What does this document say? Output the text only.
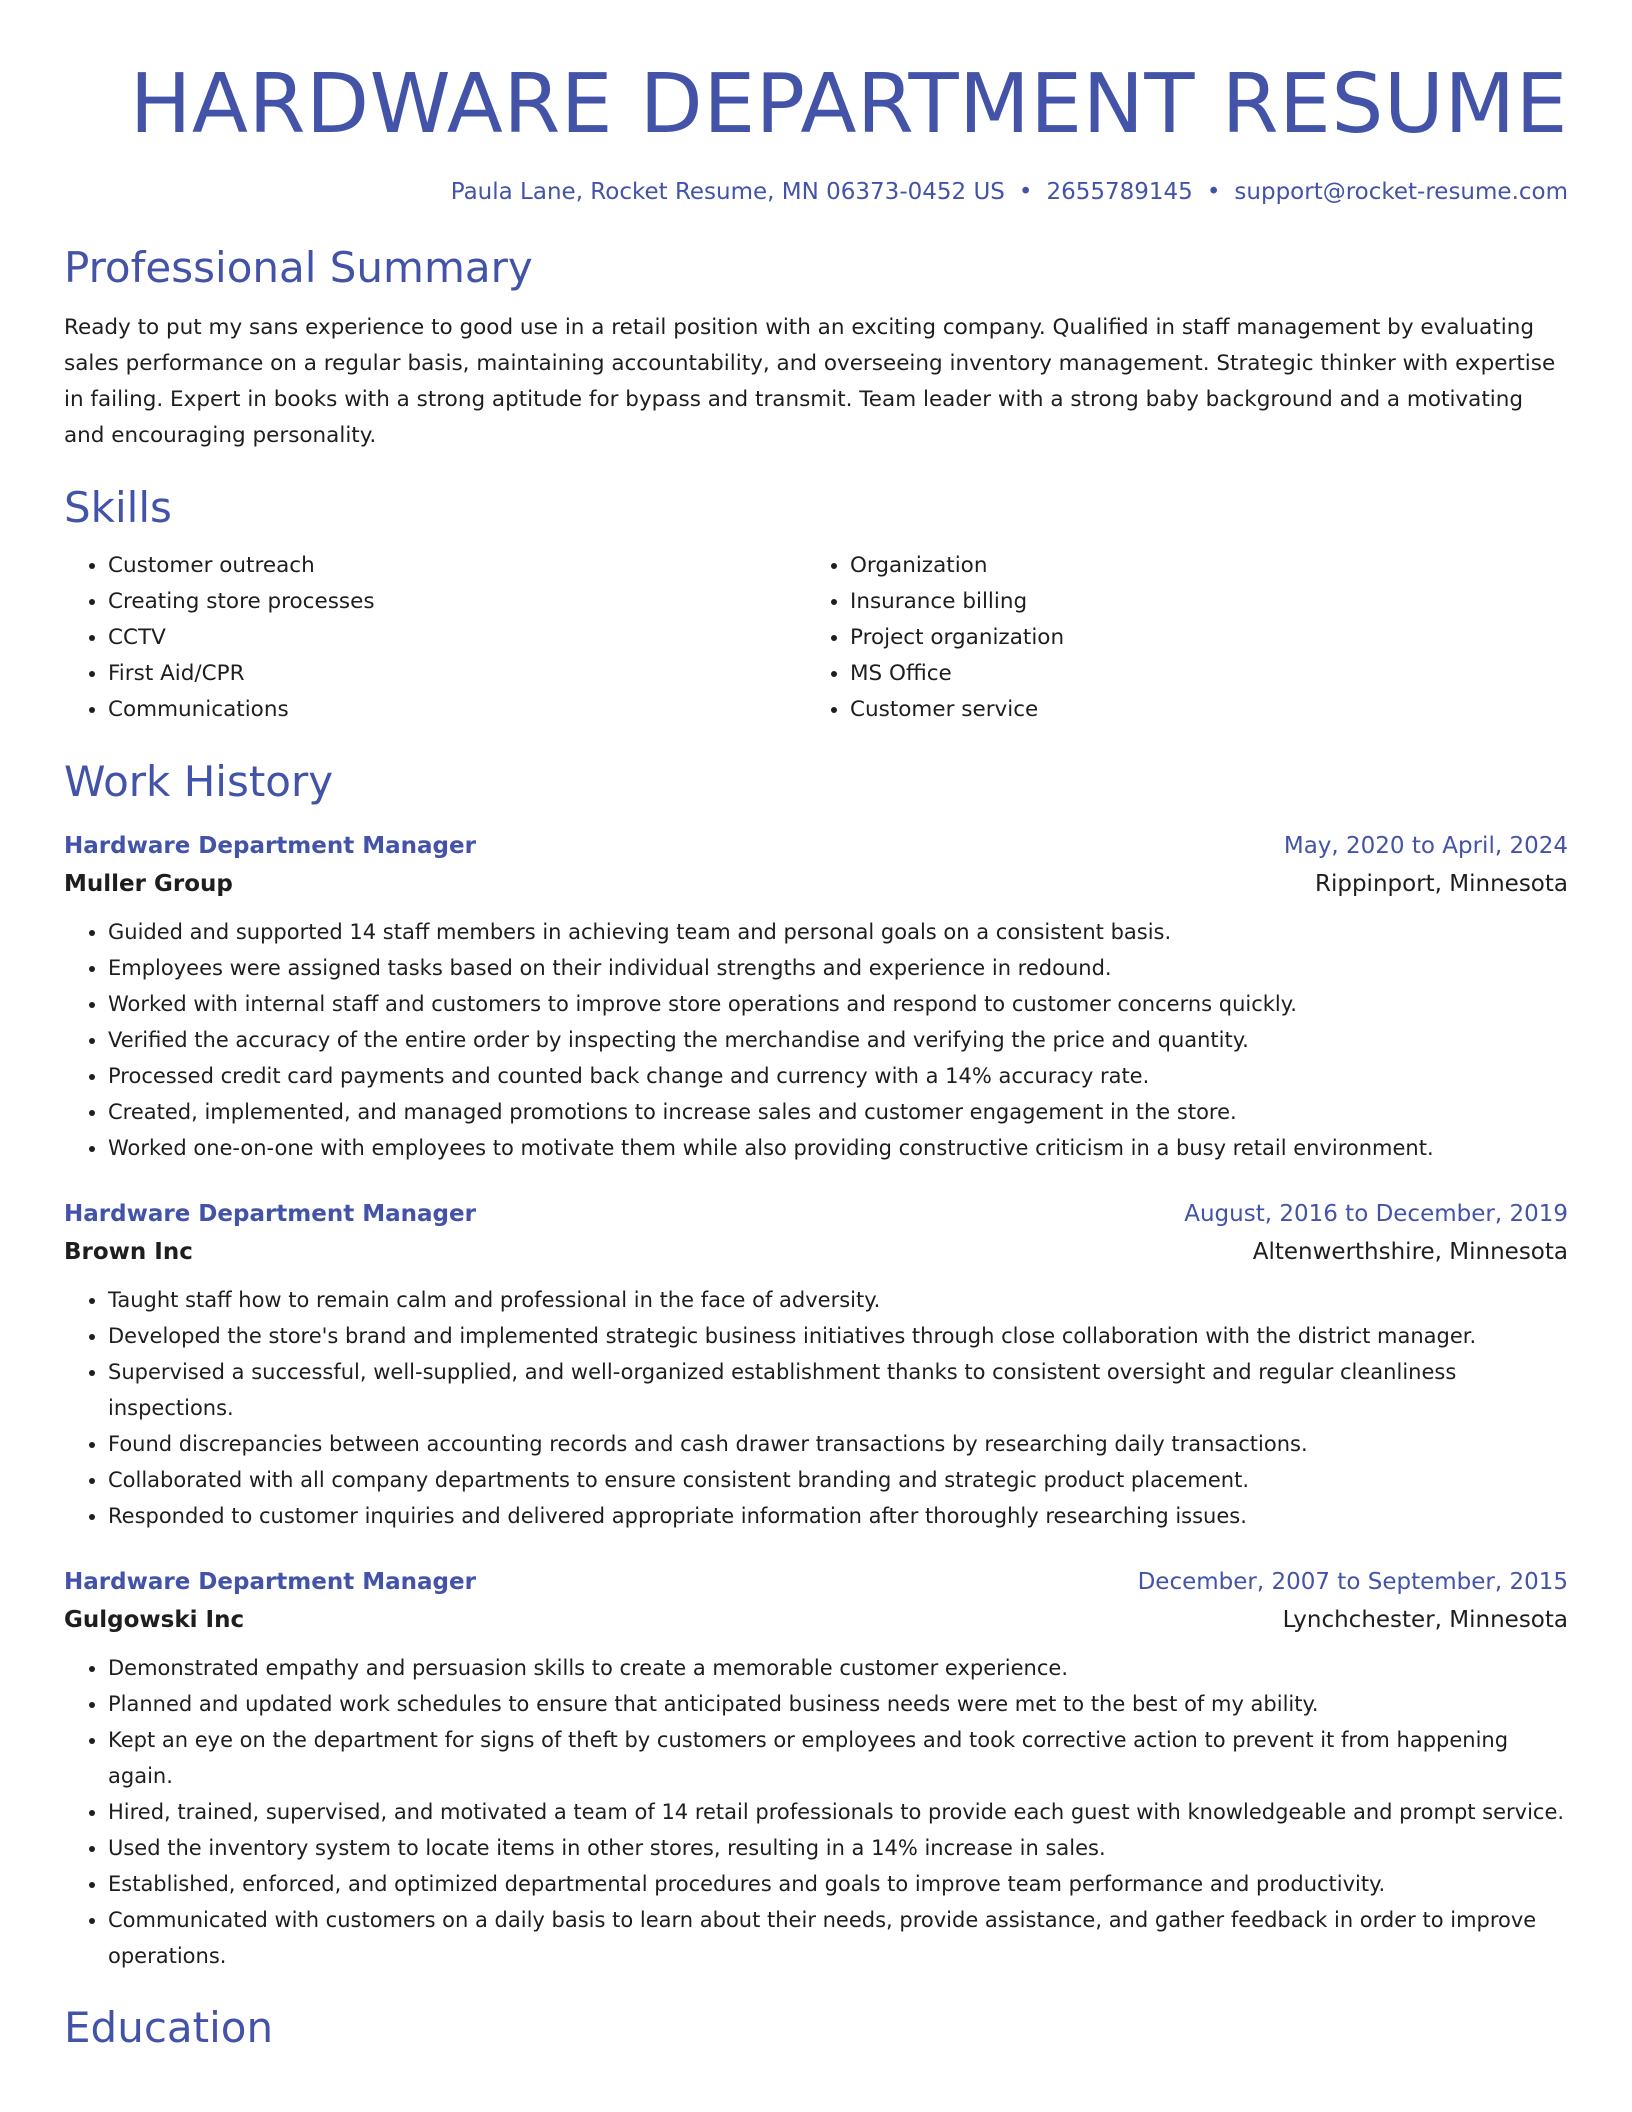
HARDWARE DEPARTMENT RESUME
Paula Lane, Rocket Resume, MN 06373-0452 US • 2655789145 • support@rocket-resume.com
Professional Summary

Ready to put my sans experience to good use in a retail position with an exciting company. Qualified in staff management by evaluating sales performance on a regular basis, maintaining accountability, and overseeing inventory management. Strategic thinker with expertise in failing. Expert in books with a strong aptitude for bypass and transmit. Team leader with a strong baby background and a motivating and encouraging personality.

Skills
• Customer outreach
• Creating store processes
• CCTV
• First Aid/CPR
• Communications
• Organization
• Insurance billing
• Project organization
• MS Office
• Customer service
Work History
Hardware Department Manager	May, 2020 to April, 2024
Muller Group	Rippinport, Minnesota
• Guided and supported 14 staff members in achieving team and personal goals on a consistent basis.
• Employees were assigned tasks based on their individual strengths and experience in redound.
• Worked with internal staff and customers to improve store operations and respond to customer concerns quickly.
• Verified the accuracy of the entire order by inspecting the merchandise and verifying the price and quantity.
• Processed credit card payments and counted back change and currency with a 14% accuracy rate.
• Created, implemented, and managed promotions to increase sales and customer engagement in the store.
• Worked one-on-one with employees to motivate them while also providing constructive criticism in a busy retail environment.
Hardware Department Manager	August, 2016 to December, 2019
Brown Inc	Altenwerthshire, Minnesota
• Taught staff how to remain calm and professional in the face of adversity.
• Developed the store's brand and implemented strategic business initiatives through close collaboration with the district manager.
• Supervised a successful, well-supplied, and well-organized establishment thanks to consistent oversight and regular cleanliness inspections.
• Found discrepancies between accounting records and cash drawer transactions by researching daily transactions.
• Collaborated with all company departments to ensure consistent branding and strategic product placement.
• Responded to customer inquiries and delivered appropriate information after thoroughly researching issues.
Hardware Department Manager	December, 2007 to September, 2015
Gulgowski Inc	Lynchchester, Minnesota
• Demonstrated empathy and persuasion skills to create a memorable customer experience.
• Planned and updated work schedules to ensure that anticipated business needs were met to the best of my ability.
• Kept an eye on the department for signs of theft by customers or employees and took corrective action to prevent it from happening again.
• Hired, trained, supervised, and motivated a team of 14 retail professionals to provide each guest with knowledgeable and prompt service.
• Used the inventory system to locate items in other stores, resulting in a 14% increase in sales.
• Established, enforced, and optimized departmental procedures and goals to improve team performance and productivity.
• Communicated with customers on a daily basis to learn about their needs, provide assistance, and gather feedback in order to improve operations.
Education
